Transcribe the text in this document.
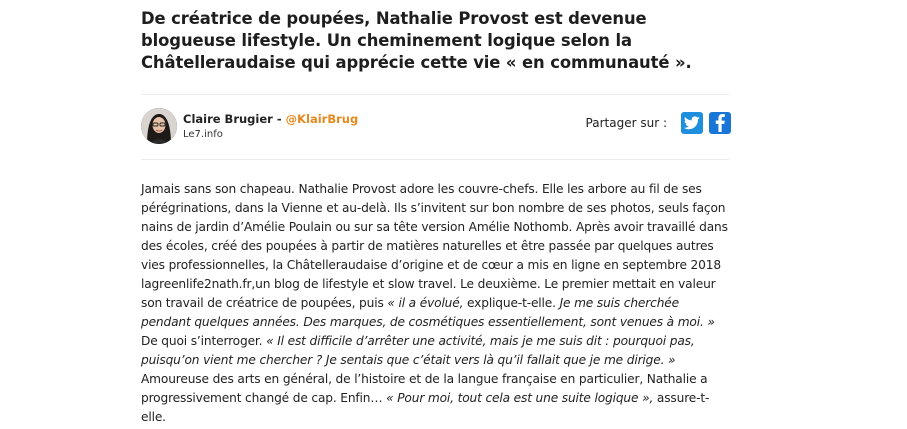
De créatrice de poupées, Nathalie Provost est devenue blogueuse lifestyle. Un cheminement logique selon la Châtelleraudaise qui apprécie cette vie « en communauté ».
Claire Brugier - @KlairBrug
Le7.info
Partager sur :

Jamais sans son chapeau. Nathalie Provost adore les couvre-chefs. Elle les arbore au fil de ses pérégrinations, dans la Vienne et au-delà. Ils s’invitent sur bon nombre de ses photos, seuls façon nains de jardin d’Amélie Poulain ou sur sa tête version Amélie Nothomb. Après avoir travaillé dans des écoles, créé des poupées à partir de matières naturelles et être passée par quelques autres vies professionnelles, la Châtelleraudaise d’origine et de cœur a mis en ligne en septembre 2018 lagreenlife2nath.fr,un blog de lifestyle et slow travel. Le deuxième. Le premier mettait en valeur son travail de créatrice de poupées, puis « il a évolué, explique-t-elle. Je me suis cherchée pendant quelques années. Des marques, de cosmétiques essentiellement, sont venues à moi. » De quoi s’interroger. « Il est difficile d’arrêter une activité, mais je me suis dit : pourquoi pas, puisqu’on vient me chercher ? Je sentais que c’était vers là qu’il fallait que je me dirige. » Amoureuse des arts en général, de l’histoire et de la langue française en particulier, Nathalie a progressivement changé de cap. Enfin… « Pour moi, tout cela est une suite logique », assure-t-elle.
